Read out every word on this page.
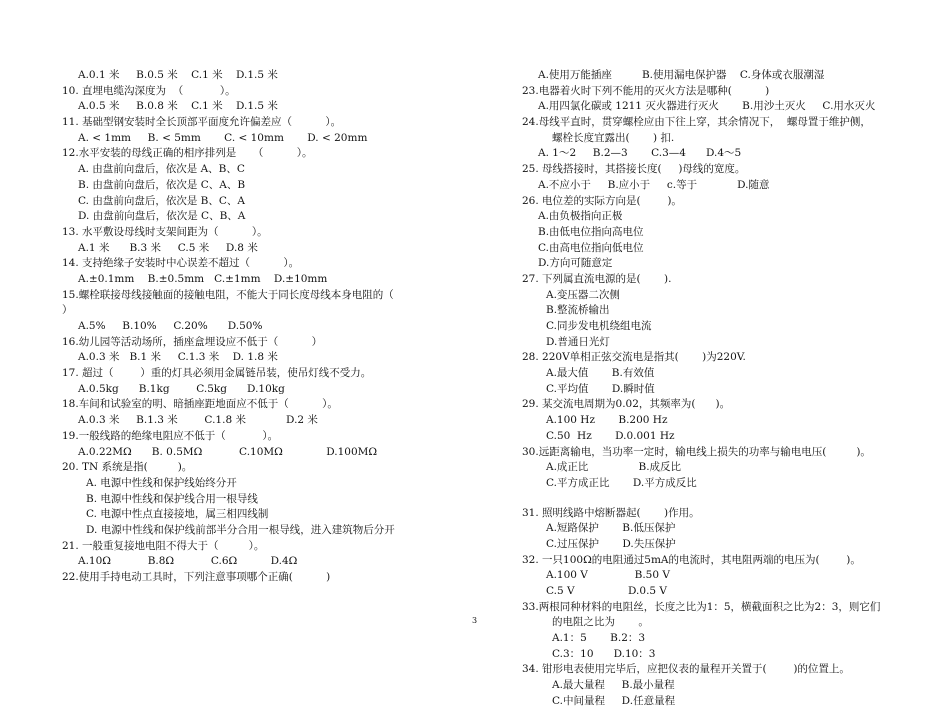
A.0.1 米     B.0.5 米    C.1 米    D.1.5 米
10. 直埋电缆沟深度为  （           ）。
A.0.5 米     B.0.8 米    C.1 米    D.1.5 米
11. 基础型钢安装时全长顶部平面度允许偏差应（          ）。
A. < 1mm     B. < 5mm       C. < 10mm       D. < 20mm
12.水平安装的母线正确的相序排列是     （          ）。
A. 由盘前向盘后，依次是 A、B、C
B. 由盘前向盘后，依次是 C、A、B
C. 由盘前向盘后，依次是 B、C、A
D. 由盘前向盘后，依次是 C、B、A
13. 水平敷设母线时支架间距为（          ）。
A.1 米      B.3 米     C.5 米     D.8 米
14. 支持绝缘子安装时中心误差不超过（          ）。
A.±0.1mm    B.±0.5mm   C.±1mm    D.±10mm
15.螺栓联接母线接触面的接触电阻，不能大于同长度母线本身电阻的（
）
A.5%     B.10%     C.20%      D.50%
16.幼儿园等活动场所，插座盒埋设应不低于（          ）
A.0.3 米   B.1 米     C.1.3 米    D. 1.8 米
17. 超过（        ）重的灯具必须用金属链吊装，使吊灯线不受力。
A.0.5kg      B.1kg        C.5kg      D.10kg
18.车间和试验室的明、暗插座距地面应不低于（          ）。
A.0.3 米     B.1.3 米        C.1.8 米            D.2 米
19.一般线路的绝缘电阻应不低于（           ）。
A.0.22MΩ      B. 0.5MΩ           C.10MΩ             D.100MΩ
20. TN 系统是指(         )。
A. 电源中性线和保护线始终分开
B. 电源中性线和保护线合用一根导线
C. 电源中性点直接接地，属三相四线制
D. 电源中性线和保护线前部半分合用一根导线，进入建筑物后分开
21. 一般重复接地电阻不得大于（         ）。
A.10Ω           B.8Ω           C.6Ω          D.4Ω
22.使用手持电动工具时，下列注意事项哪个正确(          )
A.使用万能插座         B.使用漏电保护器    C.身体或衣服潮湿
23.电器着火时下列不能用的灭火方法是哪种(          )
A.用四氯化碳或 1211 灭火器进行灭火       B.用沙土灭火     C.用水灭火
24.母线平直时，贯穿螺栓应由下往上穿，其余情况下，  螺母置于维护侧，
螺栓长度宜露出(       ) 扣.
A. 1～2     B.2—3       C.3—4      D.4～5
25. 母线搭接时，其搭接长度(     )母线的宽度。
A.不应小于     B.应小于     c.等于            D.随意
26. 电位差的实际方向是(        )。
A.由负极指向正极
B.由低电位指向高电位
C.由高电位指向低电位
D.方向可随意定
27. 下列属直流电源的是(       ).
A.变压器二次侧
B.整流桥输出
C.同步发电机绕组电流
D.普通日光灯
28. 220V单相正弦交流电是指其(       )为220V.
A.最大值       B.有效值
C.平均值       D.瞬时值
29. 某交流电周期为0.02，其频率为(      )。
A.100 Hz       B.200 Hz
C.50  Hz       D.0.001 Hz
30.远距离输电，当功率一定时，输电线上损失的功率与输电电压(         )。
A.成正比               B.成反比
C.平方成正比       D.平方成反比
31. 照明线路中熔断器起(       )作用。
A.短路保护       B.低压保护
C.过压保护       D.失压保护
32. 一只100Ω的电阻通过5mA的电流时，其电阻两端的电压为(        )。
A.100 V              B.50 V
C.5 V                D.0.5 V
33.两根同种材料的电阻丝，长度之比为1：5，横截面积之比为2：3，则它们
的电阻之比为       。
A.1：5       B.2：3
C.3：10      D.10：3
34. 钳形电表使用完毕后，应把仪表的量程开关置于(        )的位置上。
A.最大量程     B.最小量程
C.中间量程     D.任意量程
3
